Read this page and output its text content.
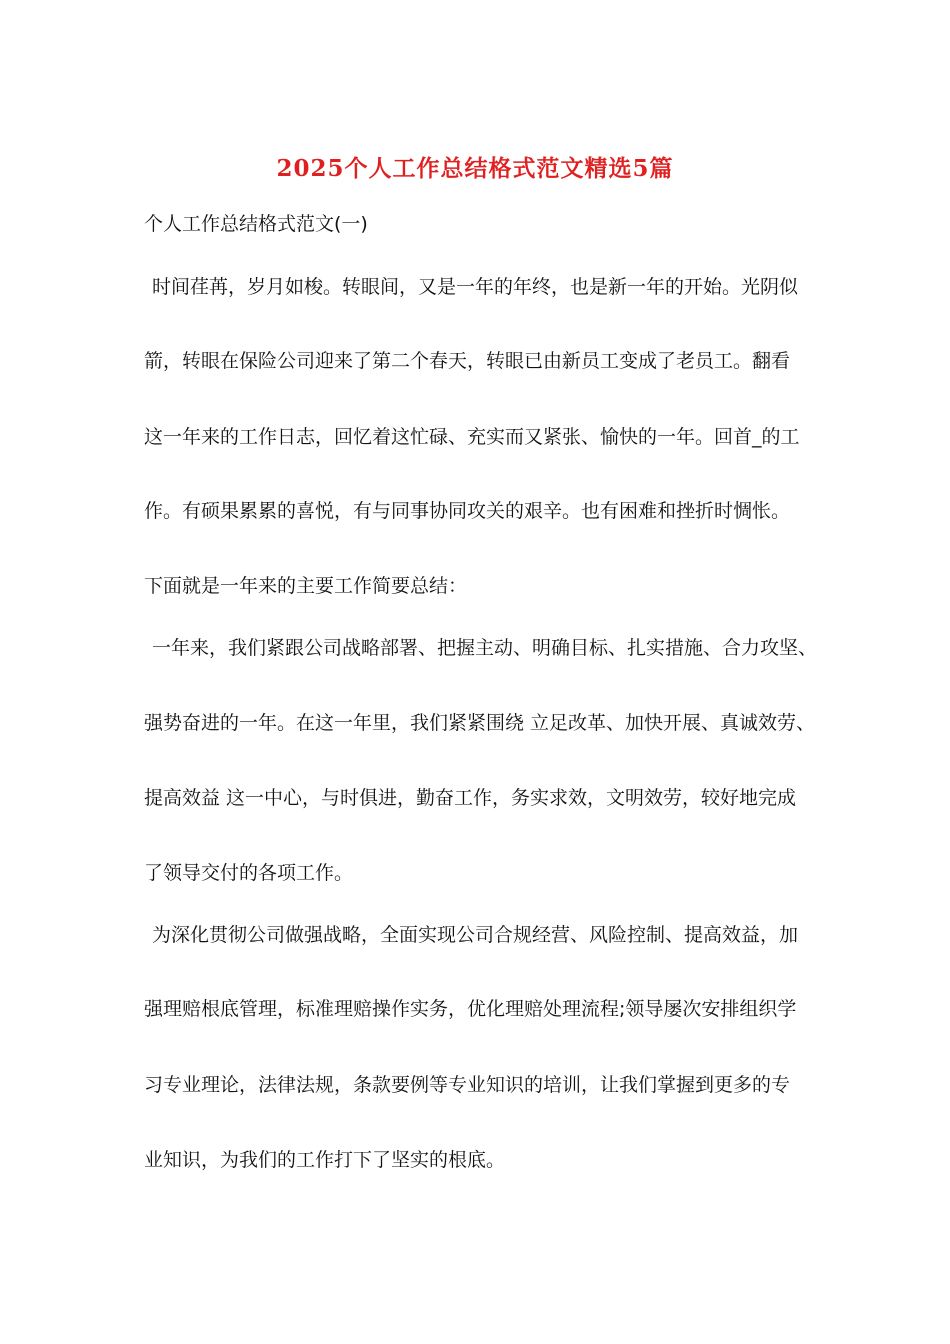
2025个人工作总结格式范文精选5篇
个人工作总结格式范文(一)
时间荏苒，岁月如梭。转眼间，又是一年的年终，也是新一年的开始。光阴似
箭，转眼在保险公司迎来了第二个春天，转眼已由新员工变成了老员工。翻看
这一年来的工作日志，回忆着这忙碌、充实而又紧张、愉快的一年。回首_的工
作。有硕果累累的喜悦，有与同事协同攻关的艰辛。也有困难和挫折时惆怅。
下面就是一年来的主要工作简要总结：
一年来，我们紧跟公司战略部署、把握主动、明确目标、扎实措施、合力攻坚、
强势奋进的一年。在这一年里，我们紧紧围绕 立足改革、加快开展、真诚效劳、
提高效益 这一中心，与时俱进，勤奋工作，务实求效，文明效劳，较好地完成
了领导交付的各项工作。
为深化贯彻公司做强战略，全面实现公司合规经营、风险控制、提高效益，加
强理赔根底管理，标准理赔操作实务，优化理赔处理流程;领导屡次安排组织学
习专业理论，法律法规，条款要例等专业知识的培训，让我们掌握到更多的专
业知识，为我们的工作打下了坚实的根底。
